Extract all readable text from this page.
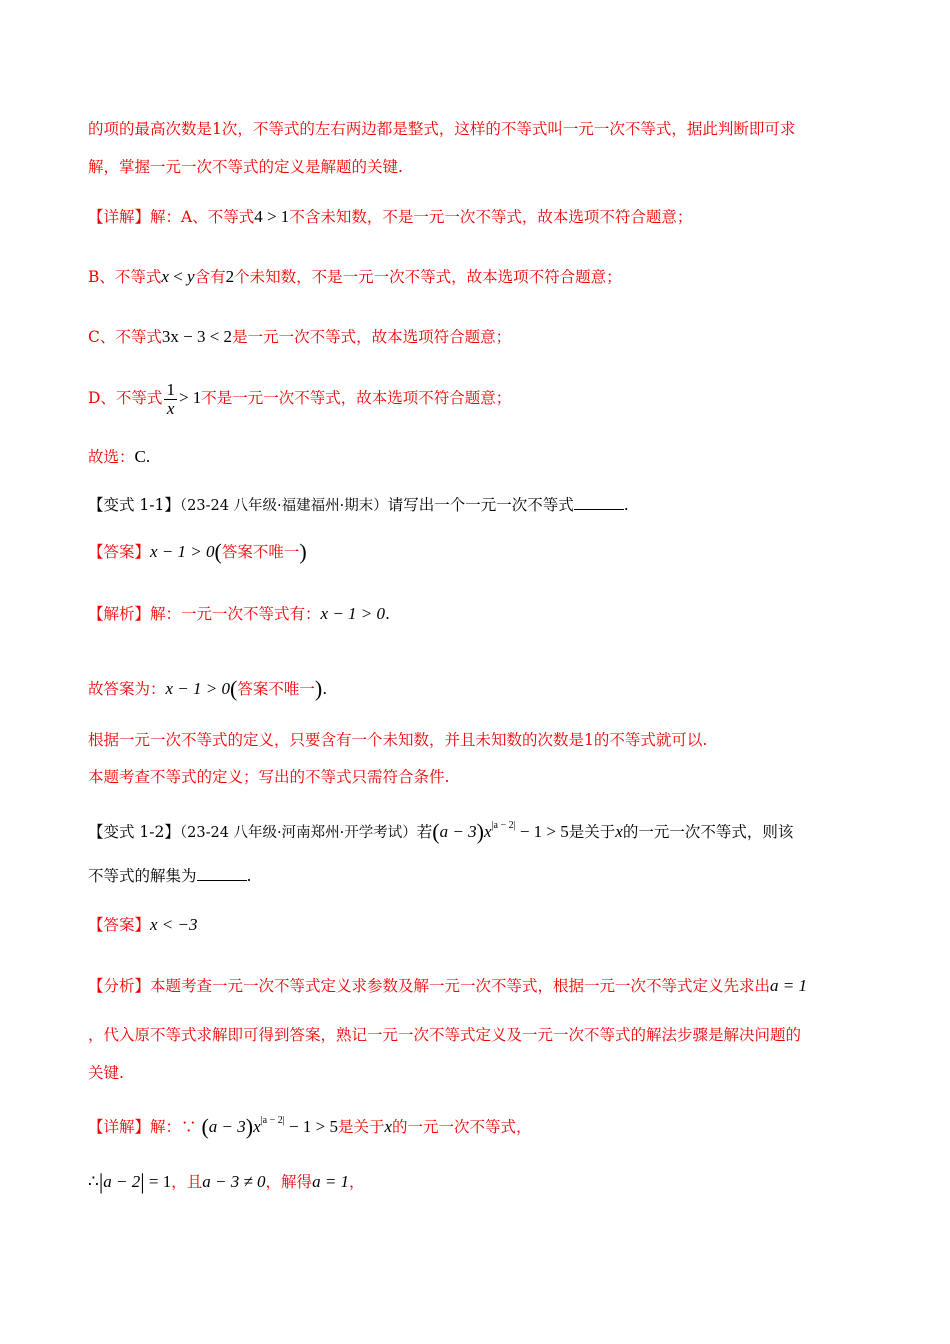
的项的最高次数是1次，不等式的左右两边都是整式，这样的不等式叫一元一次不等式，据此判断即可求
解，掌握一元一次不等式的定义是解题的关键.
【详解】解：A、不等式4 > 1不含未知数，不是一元一次不等式，故本选项不符合题意；
B、不等式x < y含有2个未知数，不是一元一次不等式，故本选项不符合题意；
C、不等式3x − 3 < 2是一元一次不等式，故本选项符合题意；
D、不等式 $\frac{1}{x} > 1$不是一元一次不等式，故本选项不符合题意；
故选：C.
【变式 1-1】（23-24 八年级·福建福州·期末）请写出一个一元一次不等式	.
【答案】x − 1 > 0(答案不唯一)
【解析】解：一元一次不等式有：x − 1 > 0.
故答案为：x − 1 > 0(答案不唯一).
根据一元一次不等式的定义，只要含有一个未知数，并且未知数的次数是1的不等式就可以.
本题考查不等式的定义；写出的不等式只需符合条件.
【变式 1-2】（23-24 八年级·河南郑州·开学考试）若$(a - 3)x^{|a - 2|} - 1 > 5$是关于x的一元一次不等式，则该
不等式的解集为	.
【答案】x < −3
【分析】本题考查一元一次不等式定义求参数及解一元一次不等式，根据一元一次不等式定义先求出a = 1
，代入原不等式求解即可得到答案，熟记一元一次不等式定义及一元一次不等式的解法步骤是解决问题的
关键.
【详解】解：∵ $(a - 3)x^{|a - 2|} - 1 > 5$是关于x的一元一次不等式，
∴|a − 2| = 1，且a − 3 ≠ 0，解得a = 1，
